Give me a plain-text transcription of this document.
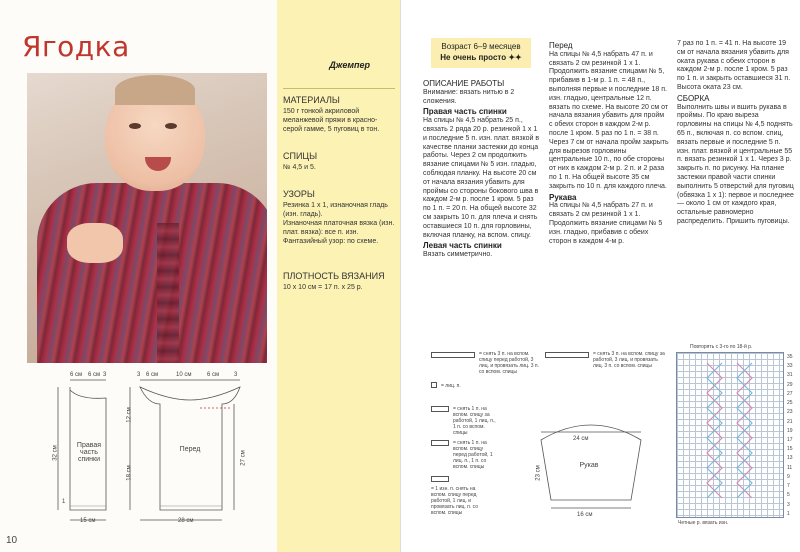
Ягодка
6 см 6 см 3	3 6 см	10 см	6 см 3
Правая
часть
спинки
Перед
15 см	28 см
32 см	27 см
12 см
18 см
1
10
Джемпер
МАТЕРИАЛЫ
150 г тонкой акриловой меланжевой пряжи в красно-серой гамме, 5 пуговиц в тон.
СПИЦЫ
№ 4,5 и 5.
УЗОРЫ
Резинка 1 х 1, изнаночная гладь (изн. гладь).
Изнаночная платочная вязка (изн. плат. вязка): все п. изн.
Фантазийный узор: по схеме.
ПЛОТНОСТЬ ВЯЗАНИЯ
10 х 10 см = 17 п. х 25 р.
Возраст 6–9 месяцев
Не очень просто ✦✦
ОПИСАНИЕ РАБОТЫ
Внимание: вязать нитью в 2 сложения.
Правая часть спинки
На спицы № 4,5 набрать 25 п., связать 2 ряда 20 р. резинкой 1 х 1 и последние 5 п. изн. плат. вязкой в качестве планки застежки до конца работы. Через 2 см продолжить вязание спицами № 5 изн. гладью, соблюдая планку. На высоте 20 см от начала вязания убавить для проймы со стороны бокового шва в каждом 2-м р. после 1 кром. 5 раз по 1 п. = 20 п. На общей высоте 32 см закрыть 10 п. для плеча и снять оставшиеся 10 п. для горловины, включая планку, на вспом. спицу.
Левая часть спинки
Вязать симметрично.
Перед
На спицы № 4,5 набрать 47 п. и связать 2 см резинкой 1 х 1. Продолжить вязание спицами № 5, прибавив в 1-м р. 1 п. = 48 п., выполняя первые и последние 18 п. изн. гладью, центральные 12 п. вязать по схеме. На высоте 20 см от начала вязания убавить для пройм с обеих сторон в каждом 2-м р. после 1 кром. 5 раз по 1 п. = 38 п. Через 7 см от начала пройм закрыть для вырезов горловины центральные 10 п., по обе стороны от них в каждом 2-м р. 2 п. и 2 раза по 1 п. На общей высоте 35 см закрыть по 10 п. для каждого плеча.
Рукава
На спицы № 4,5 набрать 27 п. и связать 2 см резинкой 1 х 1. Продолжить вязание спицами № 5 изн. гладью, прибавив с обеих сторон в каждом 4-м р.
7 раз по 1 п. = 41 п. На высоте 19 см от начала вязания убавить для оката рукава с обеих сторон в каждом 2-м р. после 1 кром. 5 раз по 1 п. и закрыть оставшиеся 31 п. Высота оката 23 см.
СБОРКА
Выполнить швы и вшить рукава в проймы. По краю выреза горловины на спицы № 4,5 поднять 65 п., включая п. со вспом. спиц, вязать первые и последние 5 п. изн. плат. вязкой и центральные 55 п. вязать резинкой 1 х 1. Через 3 р. закрыть п. по рисунку. На планке застежки правой части спинки выполнить 5 отверстий для пуговиц (обвязка 1 х 1): первое и последнее — около 1 см от каждого края, остальные равномерно распределить. Пришить пуговицы.
= снять 3 п. на вспом. спицу перед работой, 3 лиц. и провязать лиц. 3 п. со вспом. спицы
= снять 3 п. на вспом. спицу за работой, 3 лиц. и провязать лиц. 3 п. со вспом. спицы
= лиц. п.
= снять 1 п. на вспом. спицу за работой, 1 лиц. п., 1 п. со вспом. спицы
= снять 1 п. на вспом. спицу перед работой, 1 лиц. п., 1 п. со вспом. спицы
= 1 изн. п. снять на вспом. спицу перед работой, 1 лиц. и провязать лиц. п. со вспом. спицы
24 см
Рукав
16 см
23 см
Повторять с 3-го по 18-й р.
35
33
31
29
27
25
23
21
19
17
15
13
11
9
7
5
3
1
Четные р. вязать изн.
